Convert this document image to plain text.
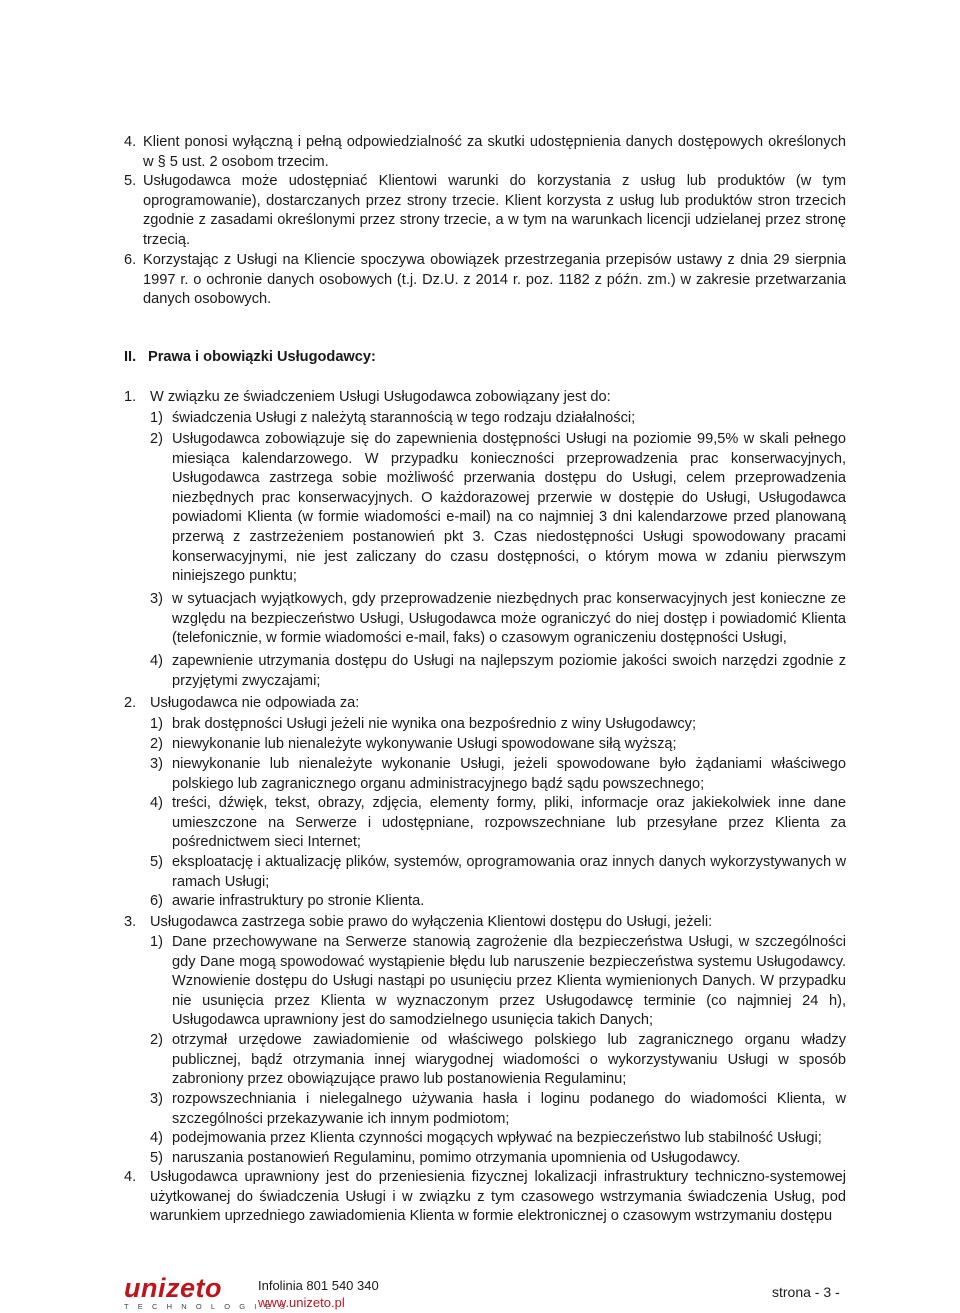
4. Klient ponosi wyłączną i pełną odpowiedzialność za skutki udostępnienia danych dostępowych określonych w § 5 ust. 2 osobom trzecim.
5. Usługodawca może udostępniać Klientowi warunki do korzystania z usług lub produktów (w tym oprogramowanie), dostarczanych przez strony trzecie. Klient korzysta z usług lub produktów stron trzecich zgodnie z zasadami określonymi przez strony trzecie, a w tym na warunkach licencji udzielanej przez stronę trzecią.
6. Korzystając z Usługi na Kliencie spoczywa obowiązek przestrzegania przepisów ustawy z dnia 29 sierpnia 1997 r. o ochronie danych osobowych (t.j. Dz.U. z 2014 r. poz. 1182 z późn. zm.) w zakresie przetwarzania danych osobowych.
II. Prawa i obowiązki Usługodawcy:
1. W związku ze świadczeniem Usługi Usługodawca zobowiązany jest do:
1) świadczenia Usługi z należytą starannością w tego rodzaju działalności;
2) Usługodawca zobowiązuje się do zapewnienia dostępności Usługi na poziomie 99,5% w skali pełnego miesiąca kalendarzowego. W przypadku konieczności przeprowadzenia prac konserwacyjnych, Usługodawca zastrzega sobie możliwość przerwania dostępu do Usługi, celem przeprowadzenia niezbędnych prac konserwacyjnych. O każdorazowej przerwie w dostępie do Usługi, Usługodawca powiadomi Klienta (w formie wiadomości e-mail) na co najmniej 3 dni kalendarzowe przed planowaną przerwą z zastrzeżeniem postanowień pkt 3. Czas niedostępności Usługi spowodowany pracami konserwacyjnymi, nie jest zaliczany do czasu dostępności, o którym mowa w zdaniu pierwszym niniejszego punktu;
3) w sytuacjach wyjątkowych, gdy przeprowadzenie niezbędnych prac konserwacyjnych jest konieczne ze względu na bezpieczeństwo Usługi, Usługodawca może ograniczyć do niej dostęp i powiadomić Klienta (telefonicznie, w formie wiadomości e-mail, faks) o czasowym ograniczeniu dostępności Usługi,
4) zapewnienie utrzymania dostępu do Usługi na najlepszym poziomie jakości swoich narzędzi zgodnie z przyjętymi zwyczajami;
2. Usługodawca nie odpowiada za:
1) brak dostępności Usługi jeżeli nie wynika ona bezpośrednio z winy Usługodawcy;
2) niewykonanie lub nienależyte wykonywanie Usługi spowodowane siłą wyższą;
3) niewykonanie lub nienależyte wykonanie Usługi, jeżeli spowodowane było żądaniami właściwego polskiego lub zagranicznego organu administracyjnego bądź sądu powszechnego;
4) treści, dźwięk, tekst, obrazy, zdjęcia, elementy formy, pliki, informacje oraz jakiekolwiek inne dane umieszczone na Serwerze i udostępniane, rozpowszechniane lub przesyłane przez Klienta za pośrednictwem sieci Internet;
5) eksploatację i aktualizację plików, systemów, oprogramowania oraz innych danych wykorzystywanych w ramach Usługi;
6) awarie infrastruktury po stronie Klienta.
3. Usługodawca zastrzega sobie prawo do wyłączenia Klientowi dostępu do Usługi, jeżeli:
1) Dane przechowywane na Serwerze stanowią zagrożenie dla bezpieczeństwa Usługi, w szczególności gdy Dane mogą spowodować wystąpienie błędu lub naruszenie bezpieczeństwa systemu Usługodawcy. Wznowienie dostępu do Usługi nastąpi po usunięciu przez Klienta wymienionych Danych. W przypadku nie usunięcia przez Klienta w wyznaczonym przez Usługodawcę terminie (co najmniej 24 h), Usługodawca uprawniony jest do samodzielnego usunięcia takich Danych;
2) otrzymał urzędowe zawiadomienie od właściwego polskiego lub zagranicznego organu władzy publicznej, bądź otrzymania innej wiarygodnej wiadomości o wykorzystywaniu Usługi w sposób zabroniony przez obowiązujące prawo lub postanowienia Regulaminu;
3) rozpowszechniania i nielegalnego używania hasła i loginu podanego do wiadomości Klienta, w szczególności przekazywanie ich innym podmiotom;
4) podejmowania przez Klienta czynności mogących wpływać na bezpieczeństwo lub stabilność Usługi;
5) naruszania postanowień Regulaminu, pomimo otrzymania upomnienia od Usługodawcy.
4. Usługodawca uprawniony jest do przeniesienia fizycznej lokalizacji infrastruktury techniczno-systemowej użytkowanej do świadczenia Usługi i w związku z tym czasowego wstrzymania świadczenia Usług, pod warunkiem uprzedniego zawiadomienia Klienta w formie elektronicznej o czasowym wstrzymaniu dostępu
unizeto
TECHNOLOGIES
Infolinia 801 540 340
www.unizeto.pl
strona - 3 -
